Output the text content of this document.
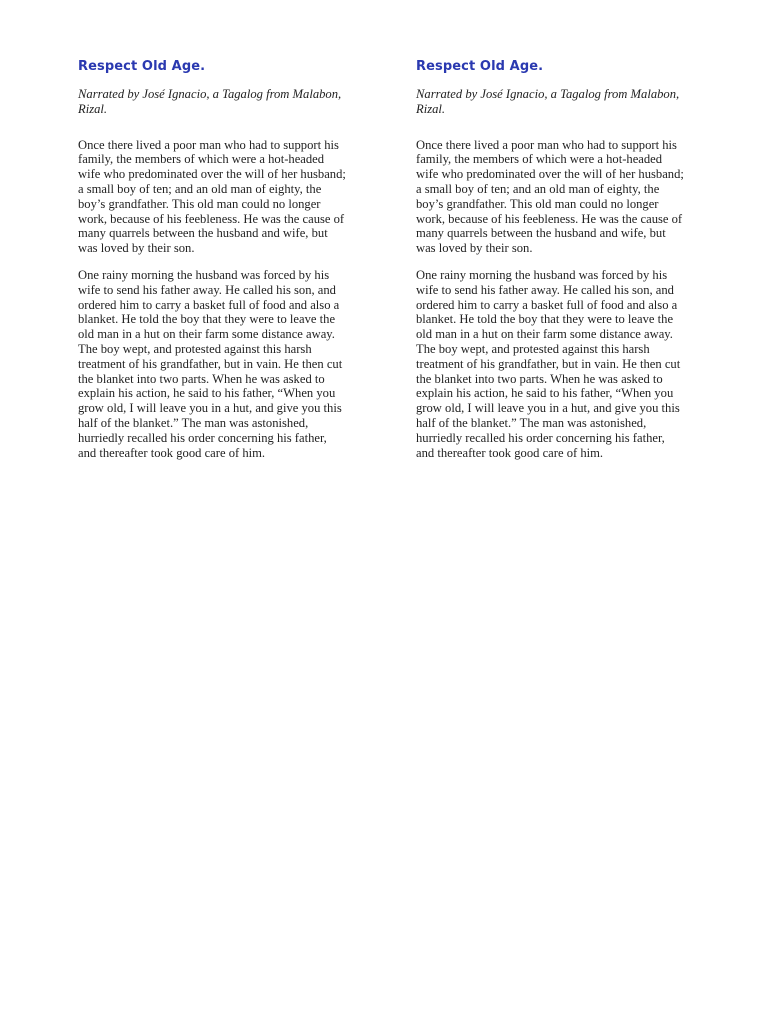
Respect Old Age.

Narrated by José Ignacio, a Tagalog from Malabon, Rizal.

Once there lived a poor man who had to support his family, the members of which were a hot-headed wife who predominated over the will of her husband; a small boy of ten; and an old man of eighty, the boy’s grandfather. This old man could no longer work, because of his feebleness. He was the cause of many quarrels between the husband and wife, but was loved by their son.

One rainy morning the husband was forced by his wife to send his father away. He called his son, and ordered him to carry a basket full of food and also a blanket. He told the boy that they were to leave the old man in a hut on their farm some distance away. The boy wept, and protested against this harsh treatment of his grandfather, but in vain. He then cut the blanket into two parts. When he was asked to explain his action, he said to his father, “When you grow old, I will leave you in a hut, and give you this half of the blanket.” The man was astonished, hurriedly recalled his order concerning his father, and thereafter took good care of him.

Respect Old Age.

Narrated by José Ignacio, a Tagalog from Malabon, Rizal.

Once there lived a poor man who had to support his family, the members of which were a hot-headed wife who predominated over the will of her husband; a small boy of ten; and an old man of eighty, the boy’s grandfather. This old man could no longer work, because of his feebleness. He was the cause of many quarrels between the husband and wife, but was loved by their son.

One rainy morning the husband was forced by his wife to send his father away. He called his son, and ordered him to carry a basket full of food and also a blanket. He told the boy that they were to leave the old man in a hut on their farm some distance away. The boy wept, and protested against this harsh treatment of his grandfather, but in vain. He then cut the blanket into two parts. When he was asked to explain his action, he said to his father, “When you grow old, I will leave you in a hut, and give you this half of the blanket.” The man was astonished, hurriedly recalled his order concerning his father, and thereafter took good care of him.
